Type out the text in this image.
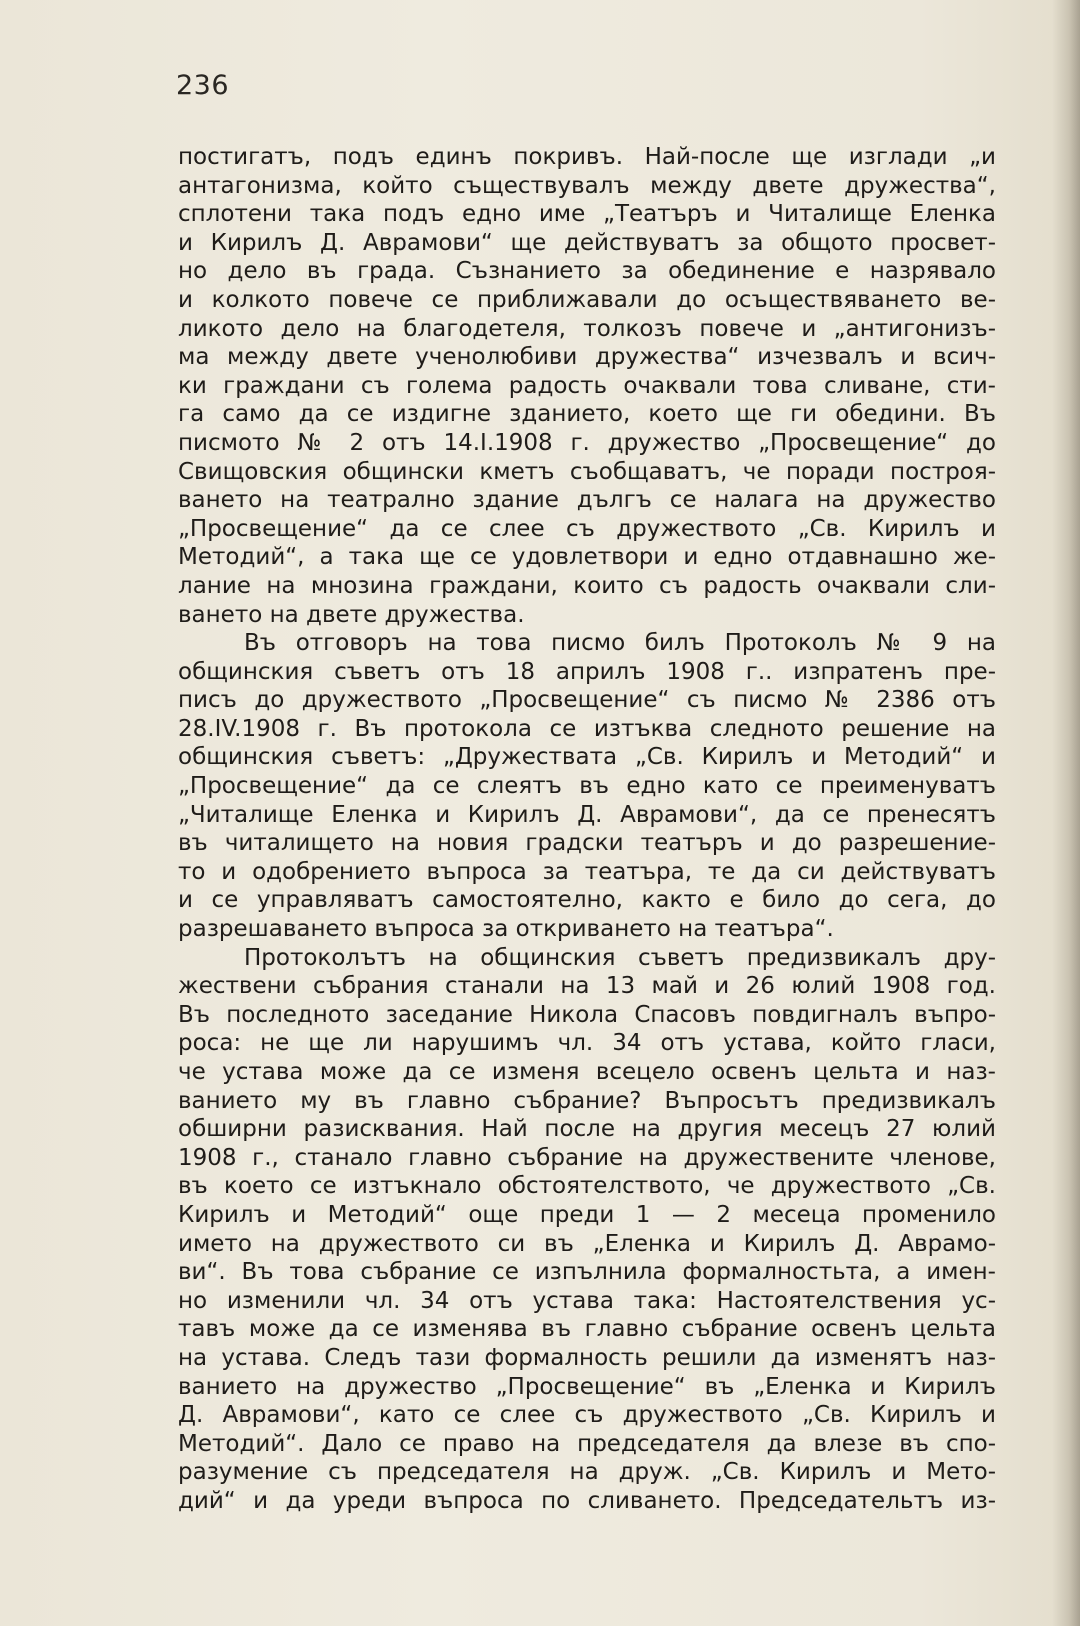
236
постигатъ, подъ единъ покривъ. Най-после ще изглади „и
антагонизма, който съществувалъ между двете дружества“,
сплотени така подъ едно име „Театъръ и Читалище Еленка
и Кирилъ Д. Аврамови“ ще действуватъ за общото просвет-
но дело въ града. Съзнанието за обединение е назрявало
и колкото повече се приближавали до осъществяването ве-
ликото дело на благодетеля, толкозъ повече и „антигонизъ-
ма между двете ученолюбиви дружества“ изчезвалъ и всич-
ки граждани съ голема радость очаквали това сливане, сти-
га само да се издигне зданието, което ще ги обедини. Въ
писмото № 2 отъ 14.I.1908 г. дружество „Просвещение“ до
Свищовския общински кметъ съобщаватъ, че поради построя-
ването на театрално здание дългъ се налага на дружество
„Просвещение“ да се слее съ дружеството „Св. Кирилъ и
Методий“, а така ще се удовлетвори и едно отдавнашно же-
лание на мнозина граждани, които съ радость очаквали сли-
ването на двете дружества.
Въ отговоръ на това писмо билъ Протоколъ № 9 на
общинския съветъ отъ 18 априлъ 1908 г.. изпратенъ пре-
писъ до дружеството „Просвещение“ съ писмо № 2386 отъ
28.IV.1908 г. Въ протокола се изтъква следното решение на
общинския съветъ: „Дружествата „Св. Кирилъ и Методий“ и
„Просвещение“ да се слеятъ въ едно като се преименуватъ
„Читалище Еленка и Кирилъ Д. Аврамови“, да се пренесятъ
въ читалището на новия градски театъръ и до разрешение-
то и одобрението въпроса за театъра, те да си действуватъ
и се управляватъ самостоятелно, както е било до сега, до
разрешаването въпроса за откриването на театъра“.
Протоколътъ на общинския съветъ предизвикалъ дру-
жествени събрания станали на 13 май и 26 юлий 1908 год.
Въ последното заседание Никола Спасовъ повдигналъ въпро-
роса: не ще ли нарушимъ чл. 34 отъ устава, който гласи,
че устава може да се изменя всецело освенъ цельта и наз-
ванието му въ главно събрание? Въпросътъ предизвикалъ
обширни разисквания. Най после на другия месецъ 27 юлий
1908 г., станало главно събрание на дружествените членове,
въ което се изтъкнало обстоятелството, че дружеството „Св.
Кирилъ и Методий“ още преди 1 — 2 месеца променило
името на дружеството си въ „Еленка и Кирилъ Д. Аврамо-
ви“. Въ това събрание се изпълнила формалностьта, а имен-
но изменили чл. 34 отъ устава така: Настоятелствения ус-
тавъ може да се изменява въ главно събрание освенъ цельта
на устава. Следъ тази формалность решили да изменятъ наз-
ванието на дружество „Просвещение“ въ „Еленка и Кирилъ
Д. Аврамови“, като се слее съ дружеството „Св. Кирилъ и
Методий“. Дало се право на председателя да влезе въ спо-
разумение съ председателя на друж. „Св. Кирилъ и Мето-
дий“ и да уреди въпроса по сливането. Председательтъ из-
